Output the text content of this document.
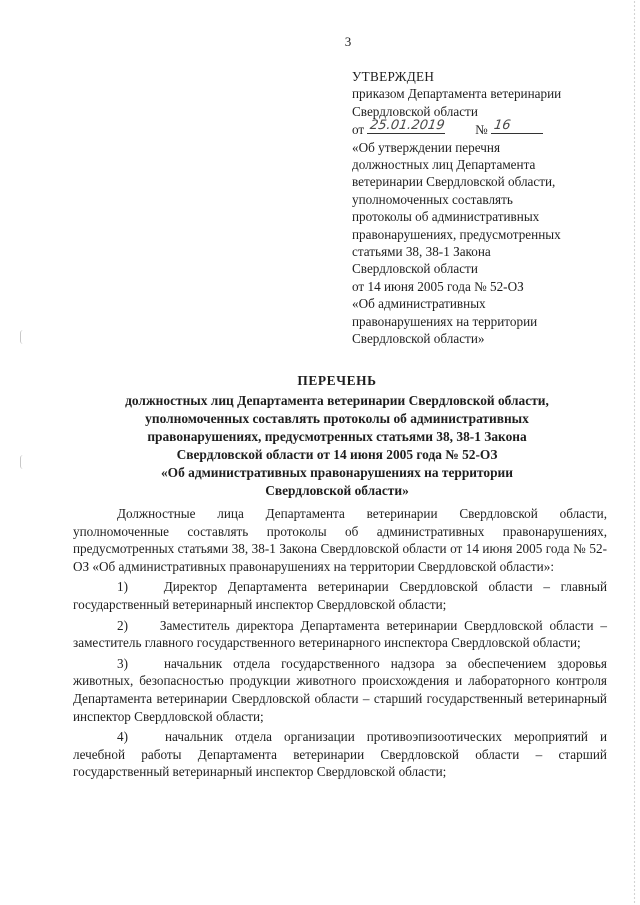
3
УТВЕРЖДЕН
приказом Департамента ветеринарии
Свердловской области
от 25.01.2019 № 16
«Об утверждении перечня
должностных лиц Департамента
ветеринарии Свердловской области,
уполномоченных составлять
протоколы об административных
правонарушениях, предусмотренных
статьями 38, 38-1 Закона
Свердловской области
от 14 июня 2005 года № 52-ОЗ
«Об административных
правонарушениях на территории
Свердловской области»
ПЕРЕЧЕНЬ
должностных лиц Департамента ветеринарии Свердловской области,
уполномоченных составлять протоколы об административных
правонарушениях, предусмотренных статьями 38, 38-1 Закона
Свердловской области от 14 июня 2005 года № 52-ОЗ
«Об административных правонарушениях на территории
Свердловской области»

Должностные лица Департамента ветеринарии Свердловской области, уполномоченные составлять протоколы об административных правонарушениях, предусмотренных статьями 38, 38-1 Закона Свердловской области от 14 июня 2005 года № 52-ОЗ «Об административных правонарушениях на территории Свердловской области»:

1)	Директор Департамента ветеринарии Свердловской области – главный государственный ветеринарный инспектор Свердловской области;

2) Заместитель директора Департамента ветеринарии Свердловской области – заместитель главного государственного ветеринарного инспектора Свердловской области;

3)	начальник отдела государственного надзора за обеспечением здоровья животных, безопасностью продукции животного происхождения и лабораторного контроля Департамента ветеринарии Свердловской области – старший государственный ветеринарный инспектор Свердловской области;

4)	начальник отдела организации противоэпизоотических мероприятий и лечебной работы Департамента ветеринарии Свердловской области – старший государственный ветеринарный инспектор Свердловской области;
